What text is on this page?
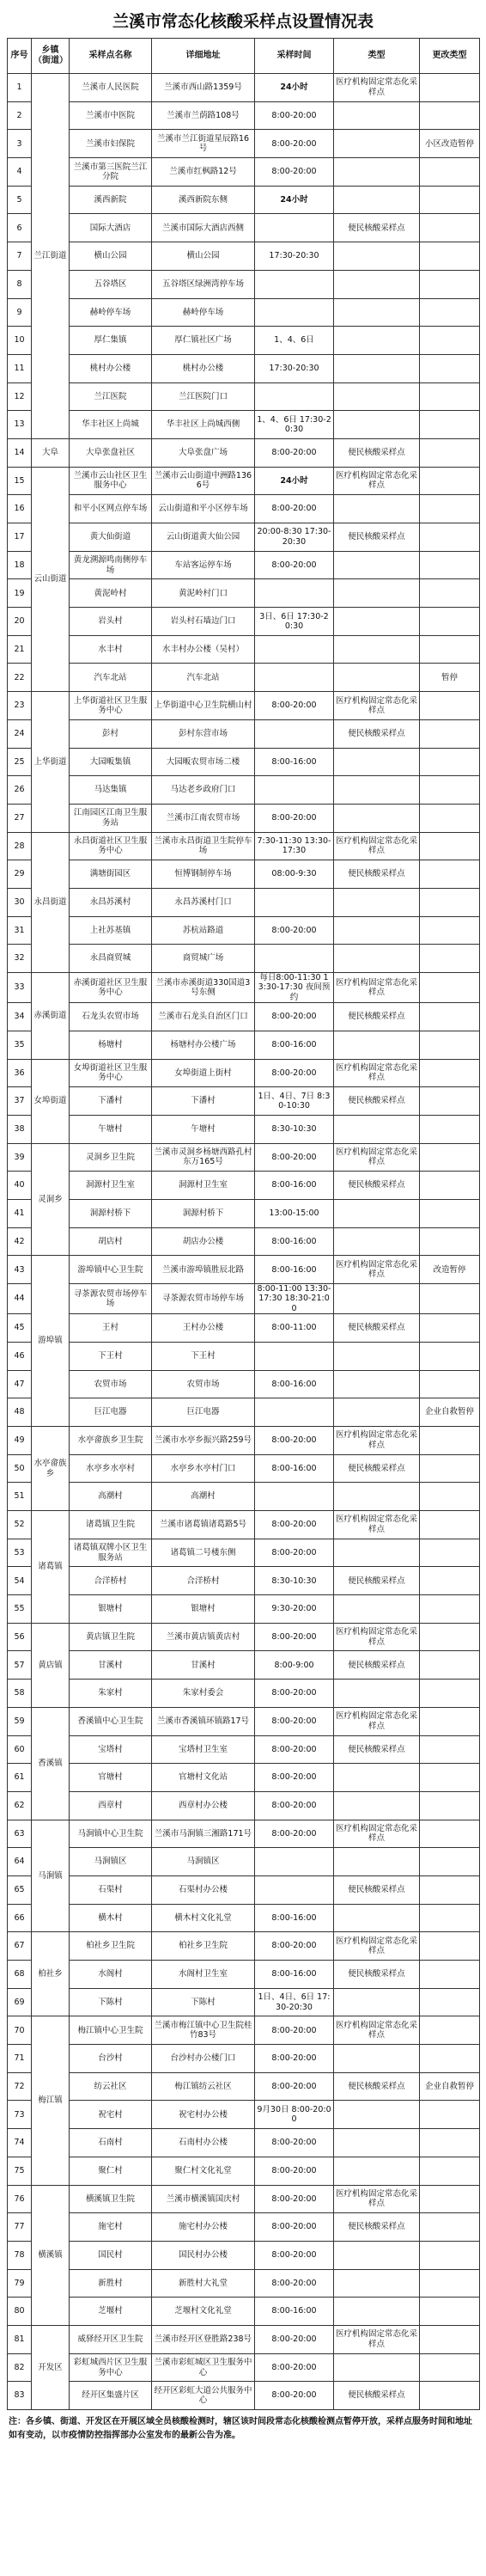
兰溪市常态化核酸采样点设置情况表
序号	乡镇（街道）	采样点名称	详细地址	采样时间	类型	更改类型
1	兰江街道	兰溪市人民医院	兰溪市西山路1359号	24小时	医疗机构固定常态化采样点	
2		兰溪市中医院	兰溪市兰荫路108号	8:00-20:00		
3		兰溪市妇保院	兰溪市兰江街道星辰路16号	8:00-20:00		小区改造暂停
4		兰溪市第三医院兰江分院	兰溪市红枫路12号	8:00-20:00		
5		溪西新院	溪西新院东侧	24小时		
6		国际大酒店	兰溪市国际大酒店西侧		便民核酸采样点	
7		横山公园	横山公园	17:30-20:30		
8		五谷塔区	五谷塔区绿洲湾停车场			
9		赫岭停车场	赫岭停车场			
10		厚仁集镇	厚仁镇社区广场	1、4、6日		
11		桃村办公楼	桃村办公楼	17:30-20:30		
12		兰江医院	兰江医院门口			
13		华丰社区上尚城	华丰社区上尚城西侧	1、4、6日 17:30-20:30		
14	大阜	大阜张盘社区	大阜张盘广场	8:00-20:00	便民核酸采样点	
15	云山街道	兰溪市云山社区卫生服务中心	兰溪市云山街道中洲路1366号	24小时	医疗机构固定常态化采样点	
16		和平小区网点停车场	云山街道和平小区停车场	8:00-20:00		
17		黄大仙街道	云山街道黄大仙公园	20:00-8:30 17:30-20:30	便民核酸采样点	
18		黄龙溯源鸣南侧停车场	车站客运停车场	8:00-20:00		
19		黄泥岭村	黄泥岭村门口			
20		岩头村	岩头村石墙边门口	3日、6日 17:30-20:30		
21		水丰村	水丰村办公楼（吴村）			
22		汽车北站	汽车北站			暂停
23	上华街道	上华街道社区卫生服务中心	上华街道中心卫生院横山村	8:00-20:00	医疗机构固定常态化采样点	
24		彭村	彭村东营市场		便民核酸采样点	
25		大园畈集镇	大园畈农贸市场二楼	8:00-16:00		
26		马达集镇	马达老乡政府门口			
27		江南园区江南卫生服务站	兰溪市江南农贸市场	8:00-20:00		
28	永昌街道	永昌街道社区卫生服务中心	兰溪市永昌街道卫生院停车场	7:30-11:30 13:30-17:30	医疗机构固定常态化采样点	
29		满塘街园区	恒博钢制停车场	08:00-9:30	便民核酸采样点	
30		永昌苏溪村	永昌苏溪村门口			
31		上社苏基镇	苏杭站路道	8:00-20:00		
32		永昌商贸城	商贸城广场			
33	赤溪街道	赤溪街道社区卫生服务中心	兰溪市赤溪街道330国道3号东侧	每日8:00-11:30 13:30-17:30 夜间预约	医疗机构固定常态化采样点	
34		石龙头农贸市场	兰溪市石龙头自治区门口	8:00-20:00	便民核酸采样点	
35		杨塘村	杨塘村办公楼广场	8:00-16:00		
36	女埠街道	女埠街道社区卫生服务中心	女埠街道上街村	8:00-20:00	医疗机构固定常态化采样点	
37		下潘村	下潘村	1日、4日、7日 8:30-10:30	便民核酸采样点	
38		午塘村	午塘村	8:30-10:30		
39	灵洞乡	灵洞乡卫生院	兰溪市灵洞乡杨塘西路孔村东万165号	8:00-20:00	医疗机构固定常态化采样点	
40		洞源村卫生室	洞源村卫生室	8:00-16:00	便民核酸采样点	
41		洞源村桥下	洞源村桥下	13:00-15:00		
42		胡店村	胡店办公楼	8:00-16:00		
43	游埠镇	游埠镇中心卫生院	兰溪市游埠镇胜辰北路	8:00-16:00	医疗机构固定常态化采样点	改造暂停
44		寻茶源农贸市场停车场	寻茶源农贸市场停车场	8:00-11:00 13:30-17:30 18:30-21:00		
45		王村	王村办公楼	8:00-11:00	便民核酸采样点	
46		下王村	下王村			
47		农贸市场	农贸市场	8:00-16:00		
48		巨江电器	巨江电器			企业自救暂停
49	水亭畲族乡	水亭畲族乡卫生院	兰溪市水亭乡振兴路259号	8:00-20:00	医疗机构固定常态化采样点	
50		水亭乡水亭村	水亭乡水亭村门口	8:00-16:00	便民核酸采样点	
51		高潮村	高潮村			
52	诸葛镇	诸葛镇卫生院	兰溪市诸葛镇诸葛路5号	8:00-20:00	医疗机构固定常态化采样点	
53		诸葛镇双牌小区卫生服务站	诸葛镇二号楼东侧	8:00-20:00		
54		合洋桥村	合洋桥村	8:30-10:30	便民核酸采样点	
55		银塘村	银塘村	9:30-20:00		
56	黄店镇	黄店镇卫生院	兰溪市黄店镇黄店村	8:00-20:00	医疗机构固定常态化采样点	
57		甘溪村	甘溪村	8:00-9:00	便民核酸采样点	
58		朱家村	朱家村委会	8:00-20:00		
59	香溪镇	香溪镇中心卫生院	兰溪市香溪镇环镇路17号	8:00-20:00	医疗机构固定常态化采样点	
60		宝塔村	宝塔村卫生室	8:00-20:00	便民核酸采样点	
61		官塘村	官塘村文化站	8:00-20:00		
62		西章村	西章村办公楼	8:00-20:00		
63	马涧镇	马涧镇中心卫生院	兰溪市马涧镇三湘路171号	8:00-20:00	医疗机构固定常态化采样点	
64		马涧镇区	马涧镇区			
65		石渠村	石渠村办公楼		便民核酸采样点	
66		横木村	横木村文化礼堂	8:00-16:00		
67	柏社乡	柏社乡卫生院	柏社乡卫生院	8:00-20:00	医疗机构固定常态化采样点	
68		水阁村	水阁村卫生室	8:00-16:00	便民核酸采样点	
69		下陈村	下陈村	1日、4日、6日 17:30-20:30		
70	梅江镇	梅江镇中心卫生院	兰溪市梅江镇中心卫生院桂竹83号	8:00-20:00	医疗机构固定常态化采样点	
71		台沙村	台沙村办公楼门口	8:00-20:00		
72		纺云社区	梅江镇纺云社区	8:00-20:00	便民核酸采样点	企业自救暂停
73		祝宅村	祝宅村办公楼	9月30日 8:00-20:00		
74		石南村	石南村办公楼	8:00-20:00		
75		聚仁村	聚仁村文化礼堂	8:00-20:00		
76	横溪镇	横溪镇卫生院	兰溪市横溪镇国庆村	8:00-20:00	医疗机构固定常态化采样点	
77		施宅村	施宅村办公楼	8:00-20:00	便民核酸采样点	
78		国民村	国民村办公楼	8:00-20:00		
79		新胜村	新胜村大礼堂	8:00-20:00		
80		芝堰村	芝堰村文化礼堂	8:00-16:00		
81	开发区	威驿经开区卫生院	兰溪市经开区登胜路238号	8:00-20:00	医疗机构固定常态化采样点	
82		彩虹城西片区卫生服务中心	兰溪市彩虹城区卫生服务中心	8:00-20:00		
83		经开区集盛片区	经开区彩虹大道公共服务中心	8:00-20:00	便民核酸采样点	
注：各乡镇、街道、开发区在开展区域全员核酸检测时，辖区该时间段常态化核酸检测点暂停开放，采样点服务时间和地址如有变动，以市疫情防控指挥部办公室发布的最新公告为准。
